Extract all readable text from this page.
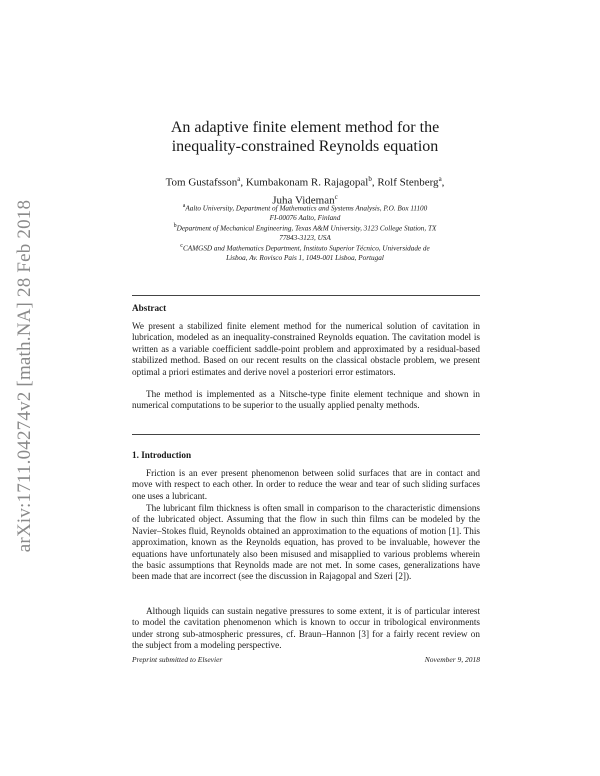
arXiv:1711.04274v2 [math.NA] 28 Feb 2018
An adaptive finite element method for the
inequality-constrained Reynolds equation
Tom Gustafsson$^a$, Kumbakonam R. Rajagopal$^b$, Rolf Stenberg$^a$,
Juha Videman$^c$
$^a$Aalto University, Department of Mathematics and Systems Analysis, P.O. Box 11100
FI-00076 Aalto, Finland
$^b$Department of Mechanical Engineering, Texas A&M University, 3123 College Station, TX
77843-3123, USA
$^c$CAMGSD and Mathematics Department, Instituto Superior Técnico, Universidade de
Lisboa, Av. Rovisco Pais 1, 1049-001 Lisboa, Portugal
Abstract
We present a stabilized finite element method for the numerical solution of cavitation in lubrication, modeled as an inequality-constrained Reynolds equation. The cavitation model is written as a variable coefficient saddle-point problem and approximated by a residual-based stabilized method. Based on our recent results on the classical obstacle problem, we present optimal a priori estimates and derive novel a posteriori error estimators.
The method is implemented as a Nitsche-type finite element technique and shown in numerical computations to be superior to the usually applied penalty methods.
1. Introduction
Friction is an ever present phenomenon between solid surfaces that are in contact and move with respect to each other. In order to reduce the wear and tear of such sliding surfaces one uses a lubricant.
The lubricant film thickness is often small in comparison to the characteristic dimensions of the lubricated object. Assuming that the flow in such thin films can be modeled by the Navier–Stokes fluid, Reynolds obtained an approximation to the equations of motion [1]. This approximation, known as the Reynolds equation, has proved to be invaluable, however the equations have unfortunately also been misused and misapplied to various problems wherein the basic assumptions that Reynolds made are not met. In some cases, generalizations have been made that are incorrect (see the discussion in Rajagopal and Szeri [2]).
Although liquids can sustain negative pressures to some extent, it is of particular interest to model the cavitation phenomenon which is known to occur in tribological environments under strong sub-atmospheric pressures, cf. Braun–Hannon [3] for a fairly recent review on the subject from a modeling perspective.
Preprint submitted to Elsevier	November 9, 2018
